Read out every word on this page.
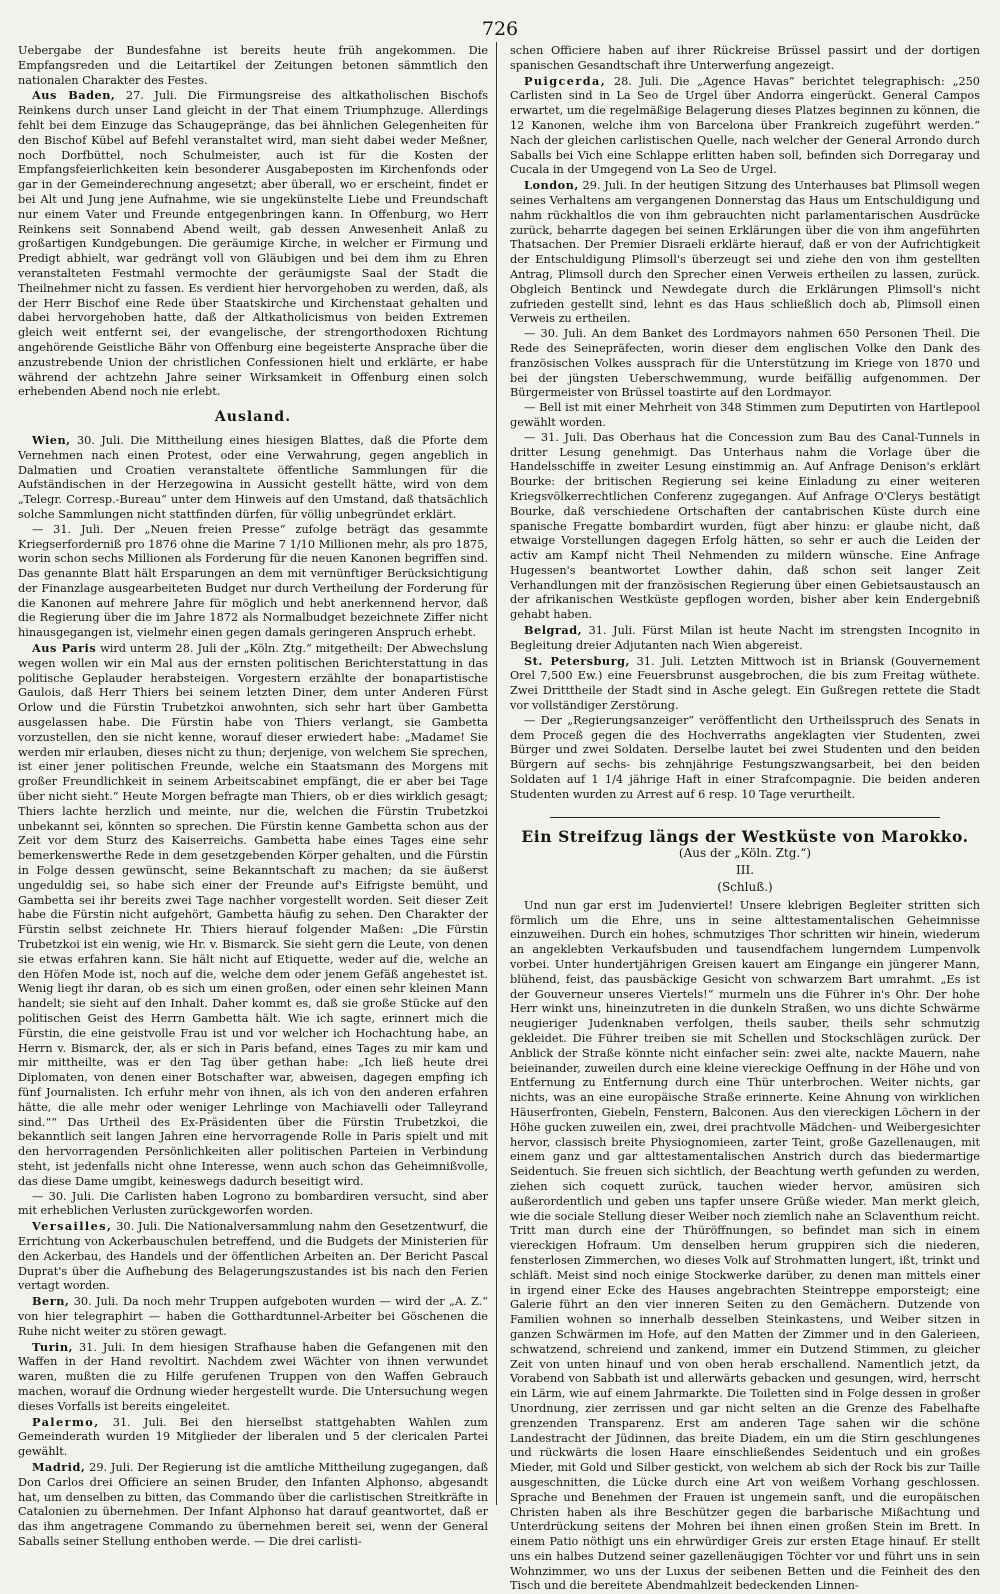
726

Uebergabe der Bundesfahne ist bereits heute früh angekommen. Die Empfangsreden und die Leitartikel der Zeitungen betonen sämmtlich den nationalen Charakter des Festes.

Aus Baden, 27. Juli. Die Firmungsreise des altkatholischen Bischofs Reinkens durch unser Land gleicht in der That einem Triumphzuge. Allerdings fehlt bei dem Einzuge das Schaugepränge, das bei ähnlichen Gelegenheiten für den Bischof Kübel auf Befehl veranstaltet wird, man sieht dabei weder Meßner, noch Dorfbüttel, noch Schulmeister, auch ist für die Kosten der Empfangsfeierlichkeiten kein besonderer Ausgabeposten im Kirchenfonds oder gar in der Gemeinderechnung angesetzt; aber überall, wo er erscheint, findet er bei Alt und Jung jene Aufnahme, wie sie ungekünstelte Liebe und Freundschaft nur einem Vater und Freunde entgegenbringen kann. In Offenburg, wo Herr Reinkens seit Sonnabend Abend weilt, gab dessen Anwesenheit Anlaß zu großartigen Kundgebungen. Die geräumige Kirche, in welcher er Firmung und Predigt abhielt, war gedrängt voll von Gläubigen und bei dem ihm zu Ehren veranstalteten Festmahl vermochte der geräumigste Saal der Stadt die Theilnehmer nicht zu fassen. Es verdient hier hervorgehoben zu werden, daß, als der Herr Bischof eine Rede über Staatskirche und Kirchenstaat gehalten und dabei hervorgehoben hatte, daß der Altkatholicismus von beiden Extremen gleich weit entfernt sei, der evangelische, der strengorthodoxen Richtung angehörende Geistliche Bähr von Offenburg eine begeisterte Ansprache über die anzustrebende Union der christlichen Confessionen hielt und erklärte, er habe während der achtzehn Jahre seiner Wirksamkeit in Offenburg einen solch erhebenden Abend noch nie erlebt.

Ausland.

Wien, 30. Juli. Die Mittheilung eines hiesigen Blattes, daß die Pforte dem Vernehmen nach einen Protest, oder eine Verwahrung, gegen angeblich in Dalmatien und Croatien veranstaltete öffentliche Sammlungen für die Aufständischen in der Herzegowina in Aussicht gestellt hätte, wird von dem „Telegr. Corresp.-Bureau“ unter dem Hinweis auf den Umstand, daß thatsächlich solche Sammlungen nicht stattfinden dürfen, für völlig unbegründet erklärt.

— 31. Juli. Der „Neuen freien Presse“ zufolge beträgt das gesammte Kriegserforderniß pro 1876 ohne die Marine 7 1/10 Millionen mehr, als pro 1875, worin schon sechs Millionen als Forderung für die neuen Kanonen begriffen sind. Das genannte Blatt hält Ersparungen an dem mit vernünftiger Berücksichtigung der Finanzlage ausgearbeiteten Budget nur durch Vertheilung der Forderung für die Kanonen auf mehrere Jahre für möglich und hebt anerkennend hervor, daß die Regierung über die im Jahre 1872 als Normalbudget bezeichnete Ziffer nicht hinausgegangen ist, vielmehr einen gegen damals geringeren Anspruch erhebt.

Aus Paris wird unterm 28. Juli der „Köln. Ztg.“ mitgetheilt: Der Abwechslung wegen wollen wir ein Mal aus der ernsten politischen Berichterstattung in das politische Geplauder herabsteigen. Vorgestern erzählte der bonapartistische Gaulois, daß Herr Thiers bei seinem letzten Diner, dem unter Anderen Fürst Orlow und die Fürstin Trubetzkoi anwohnten, sich sehr hart über Gambetta ausgelassen habe. Die Fürstin habe von Thiers verlangt, sie Gambetta vorzustellen, den sie nicht kenne, worauf dieser erwiedert habe: „Madame! Sie werden mir erlauben, dieses nicht zu thun; derjenige, von welchem Sie sprechen, ist einer jener politischen Freunde, welche ein Staatsmann des Morgens mit großer Freundlichkeit in seinem Arbeitscabinet empfängt, die er aber bei Tage über nicht sieht.“ Heute Morgen befragte man Thiers, ob er dies wirklich gesagt; Thiers lachte herzlich und meinte, nur die, welchen die Fürstin Trubetzkoi unbekannt sei, könnten so sprechen. Die Fürstin kenne Gambetta schon aus der Zeit vor dem Sturz des Kaiserreichs. Gambetta habe eines Tages eine sehr bemerkenswerthe Rede in dem gesetzgebenden Körper gehalten, und die Fürstin in Folge dessen gewünscht, seine Bekanntschaft zu machen; da sie äußerst ungeduldig sei, so habe sich einer der Freunde auf's Eifrigste bemüht, und Gambetta sei ihr bereits zwei Tage nachher vorgestellt worden. Seit dieser Zeit habe die Fürstin nicht aufgehört, Gambetta häufig zu sehen. Den Charakter der Fürstin selbst zeichnete Hr. Thiers hierauf folgender Maßen: „Die Fürstin Trubetzkoi ist ein wenig, wie Hr. v. Bismarck. Sie sieht gern die Leute, von denen sie etwas erfahren kann. Sie hält nicht auf Etiquette, weder auf die, welche an den Höfen Mode ist, noch auf die, welche dem oder jenem Gefäß angehestet ist. Wenig liegt ihr daran, ob es sich um einen großen, oder einen sehr kleinen Mann handelt; sie sieht auf den Inhalt. Daher kommt es, daß sie große Stücke auf den politischen Geist des Herrn Gambetta hält. Wie ich sagte, erinnert mich die Fürstin, die eine geistvolle Frau ist und vor welcher ich Hochachtung habe, an Herrn v. Bismarck, der, als er sich in Paris befand, eines Tages zu mir kam und mir mittheilte, was er den Tag über gethan habe: „Ich ließ heute drei Diplomaten, von denen einer Botschafter war, abweisen, dagegen empfing ich fünf Journalisten. Ich erfuhr mehr von ihnen, als ich von den anderen erfahren hätte, die alle mehr oder weniger Lehrlinge von Machiavelli oder Talleyrand sind.““ Das Urtheil des Ex-Präsidenten über die Fürstin Trubetzkoi, die bekanntlich seit langen Jahren eine hervorragende Rolle in Paris spielt und mit den hervorragenden Persönlichkeiten aller politischen Parteien in Verbindung steht, ist jedenfalls nicht ohne Interesse, wenn auch schon das Geheimnißvolle, das diese Dame umgibt, keineswegs dadurch beseitigt wird.

— 30. Juli. Die Carlisten haben Logrono zu bombardiren versucht, sind aber mit erheblichen Verlusten zurückgeworfen worden.

Versailles, 30. Juli. Die Nationalversammlung nahm den Gesetzentwurf, die Errichtung von Ackerbauschulen betreffend, und die Budgets der Ministerien für den Ackerbau, des Handels und der öffentlichen Arbeiten an. Der Bericht Pascal Duprat's über die Aufhebung des Belagerungszustandes ist bis nach den Ferien vertagt worden.

Bern, 30. Juli. Da noch mehr Truppen aufgeboten wurden — wird der „A. Z.“ von hier telegraphirt — haben die Gotthardtunnel-Arbeiter bei Göschenen die Ruhe nicht weiter zu stören gewagt.

Turin, 31. Juli. In dem hiesigen Strafhause haben die Gefangenen mit den Waffen in der Hand revoltirt. Nachdem zwei Wächter von ihnen verwundet waren, mußten die zu Hilfe gerufenen Truppen von den Waffen Gebrauch machen, worauf die Ordnung wieder hergestellt wurde. Die Untersuchung wegen dieses Vorfalls ist bereits eingeleitet.

Palermo, 31. Juli. Bei den hierselbst stattgehabten Wahlen zum Gemeinderath wurden 19 Mitglieder der liberalen und 5 der clericalen Partei gewählt.

Madrid, 29. Juli. Der Regierung ist die amtliche Mittheilung zugegangen, daß Don Carlos drei Officiere an seinen Bruder, den Infanten Alphonso, abgesandt hat, um denselben zu bitten, das Commando über die carlistischen Streitkräfte in Catalonien zu übernehmen. Der Infant Alphonso hat darauf geantwortet, daß er das ihm angetragene Commando zu übernehmen bereit sei, wenn der General Saballs seiner Stellung enthoben werde. — Die drei carlisti-

schen Officiere haben auf ihrer Rückreise Brüssel passirt und der dortigen spanischen Gesandtschaft ihre Unterwerfung angezeigt.

Puigcerda, 28. Juli. Die „Agence Havas“ berichtet telegraphisch: „250 Carlisten sind in La Seo de Urgel über Andorra eingerückt. General Campos erwartet, um die regelmäßige Belagerung dieses Platzes beginnen zu können, die 12 Kanonen, welche ihm von Barcelona über Frankreich zugeführt werden.“ Nach der gleichen carlistischen Quelle, nach welcher der General Arrondo durch Saballs bei Vich eine Schlappe erlitten haben soll, befinden sich Dorregaray und Cucala in der Umgegend von La Seo de Urgel.

London, 29. Juli. In der heutigen Sitzung des Unterhauses bat Plimsoll wegen seines Verhaltens am vergangenen Donnerstag das Haus um Entschuldigung und nahm rückhaltlos die von ihm gebrauchten nicht parlamentarischen Ausdrücke zurück, beharrte dagegen bei seinen Erklärungen über die von ihm angeführten Thatsachen. Der Premier Disraeli erklärte hierauf, daß er von der Aufrichtigkeit der Entschuldigung Plimsoll's überzeugt sei und ziehe den von ihm gestellten Antrag, Plimsoll durch den Sprecher einen Verweis ertheilen zu lassen, zurück. Obgleich Bentinck und Newdegate durch die Erklärungen Plimsoll's nicht zufrieden gestellt sind, lehnt es das Haus schließlich doch ab, Plimsoll einen Verweis zu ertheilen.

— 30. Juli. An dem Banket des Lordmayors nahmen 650 Personen Theil. Die Rede des Seinepräfecten, worin dieser dem englischen Volke den Dank des französischen Volkes aussprach für die Unterstützung im Kriege von 1870 und bei der jüngsten Ueberschwemmung, wurde beifällig aufgenommen. Der Bürgermeister von Brüssel toastirte auf den Lordmayor.

— Bell ist mit einer Mehrheit von 348 Stimmen zum Deputirten von Hartlepool gewählt worden.

— 31. Juli. Das Oberhaus hat die Concession zum Bau des Canal-Tunnels in dritter Lesung genehmigt. Das Unterhaus nahm die Vorlage über die Handelsschiffe in zweiter Lesung einstimmig an. Auf Anfrage Denison's erklärt Bourke: der britischen Regierung sei keine Einladung zu einer weiteren Kriegsvölkerrechtlichen Conferenz zugegangen. Auf Anfrage O'Clerys bestätigt Bourke, daß verschiedene Ortschaften der cantabrischen Küste durch eine spanische Fregatte bombardirt wurden, fügt aber hinzu: er glaube nicht, daß etwaige Vorstellungen dagegen Erfolg hätten, so sehr er auch die Leiden der activ am Kampf nicht Theil Nehmenden zu mildern wünsche. Eine Anfrage Hugessen's beantwortet Lowther dahin, daß schon seit langer Zeit Verhandlungen mit der französischen Regierung über einen Gebietsaustausch an der afrikanischen Westküste gepflogen worden, bisher aber kein Endergebniß gehabt haben.

Belgrad, 31. Juli. Fürst Milan ist heute Nacht im strengsten Incognito in Begleitung dreier Adjutanten nach Wien abgereist.

St. Petersburg, 31. Juli. Letzten Mittwoch ist in Briansk (Gouvernement Orel 7,500 Ew.) eine Feuersbrunst ausgebrochen, die bis zum Freitag wüthete. Zwei Dritttheile der Stadt sind in Asche gelegt. Ein Gußregen rettete die Stadt vor vollständiger Zerstörung.

— Der „Regierungsanzeiger“ veröffentlicht den Urtheilsspruch des Senats in dem Proceß gegen die des Hochverraths angeklagten vier Studenten, zwei Bürger und zwei Soldaten. Derselbe lautet bei zwei Studenten und den beiden Bürgern auf sechs- bis zehnjährige Festungszwangsarbeit, bei den beiden Soldaten auf 1 1/4 jährige Haft in einer Strafcompagnie. Die beiden anderen Studenten wurden zu Arrest auf 6 resp. 10 Tage verurtheilt.

Ein Streifzug längs der Westküste von Marokko.
(Aus der „Köln. Ztg.“)
III.
(Schluß.)

Und nun gar erst im Judenviertel! Unsere klebrigen Begleiter stritten sich förmlich um die Ehre, uns in seine alttestamentalischen Geheimnisse einzuweihen. Durch ein hohes, schmutziges Thor schritten wir hinein, wiederum an angeklebten Verkaufsbuden und tausendfachem lungerndem Lumpenvolk vorbei. Unter hundertjährigen Greisen kauert am Eingange ein jüngerer Mann, blühend, feist, das pausbäckige Gesicht von schwarzem Bart umrahmt. „Es ist der Gouverneur unseres Viertels!“ murmeln uns die Führer in's Ohr. Der hohe Herr winkt uns, hineinzutreten in die dunkeln Straßen, wo uns dichte Schwärme neugieriger Judenknaben verfolgen, theils sauber, theils sehr schmutzig gekleidet. Die Führer treiben sie mit Schellen und Stockschlägen zurück. Der Anblick der Straße könnte nicht einfacher sein: zwei alte, nackte Mauern, nahe beieinander, zuweilen durch eine kleine viereckige Oeffnung in der Höhe und von Entfernung zu Entfernung durch eine Thür unterbrochen. Weiter nichts, gar nichts, was an eine europäische Straße erinnerte. Keine Ahnung von wirklichen Häuserfronten, Giebeln, Fenstern, Balconen. Aus den viereckigen Löchern in der Höhe gucken zuweilen ein, zwei, drei prachtvolle Mädchen- und Weibergesichter hervor, classisch breite Physiognomieen, zarter Teint, große Gazellenaugen, mit einem ganz und gar alttestamentalischen Anstrich durch das biedermartige Seidentuch. Sie freuen sich sichtlich, der Beachtung werth gefunden zu werden, ziehen sich coquett zurück, tauchen wieder hervor, amüsiren sich außerordentlich und geben uns tapfer unsere Grüße wieder. Man merkt gleich, wie die sociale Stellung dieser Weiber noch ziemlich nahe an Sclaventhum reicht. Tritt man durch eine der Thüröffnungen, so befindet man sich in einem viereckigen Hofraum. Um denselben herum gruppiren sich die niederen, fensterlosen Zimmerchen, wo dieses Volk auf Strohmatten lungert, ißt, trinkt und schläft. Meist sind noch einige Stockwerke darüber, zu denen man mittels einer in irgend einer Ecke des Hauses angebrachten Steintreppe emporsteigt; eine Galerie führt an den vier inneren Seiten zu den Gemächern. Dutzende von Familien wohnen so innerhalb desselben Steinkastens, und Weiber sitzen in ganzen Schwärmen im Hofe, auf den Matten der Zimmer und in den Galerieen, schwatzend, schreiend und zankend, immer ein Dutzend Stimmen, zu gleicher Zeit von unten hinauf und von oben herab erschallend. Namentlich jetzt, da Vorabend von Sabbath ist und allerwärts gebacken und gesungen, wird, herrscht ein Lärm, wie auf einem Jahrmarkte. Die Toiletten sind in Folge dessen in großer Unordnung, zier zerrissen und gar nicht selten an die Grenze des Fabelhafte grenzenden Transparenz. Erst am anderen Tage sahen wir die schöne Landestracht der Jüdinnen, das breite Diadem, ein um die Stirn geschlungenes und rückwärts die losen Haare einschließendes Seidentuch und ein großes Mieder, mit Gold und Silber gestickt, von welchem ab sich der Rock bis zur Taille ausgeschnitten, die Lücke durch eine Art von weißem Vorhang geschlossen. Sprache und Benehmen der Frauen ist ungemein sanft, und die europäischen Christen haben als ihre Beschützer gegen die barbarische Mißachtung und Unterdrückung seitens der Mohren bei ihnen einen großen Stein im Brett. In einem Patio nöthigt uns ein ehrwürdiger Greis zur ersten Etage hinauf. Er stellt uns ein halbes Dutzend seiner gazellenäugigen Töchter vor und führt uns in sein Wohnzimmer, wo uns der Luxus der seibenen Betten und die Feinheit des den Tisch und die bereitete Abendmahlzeit bedeckenden Linnen-
